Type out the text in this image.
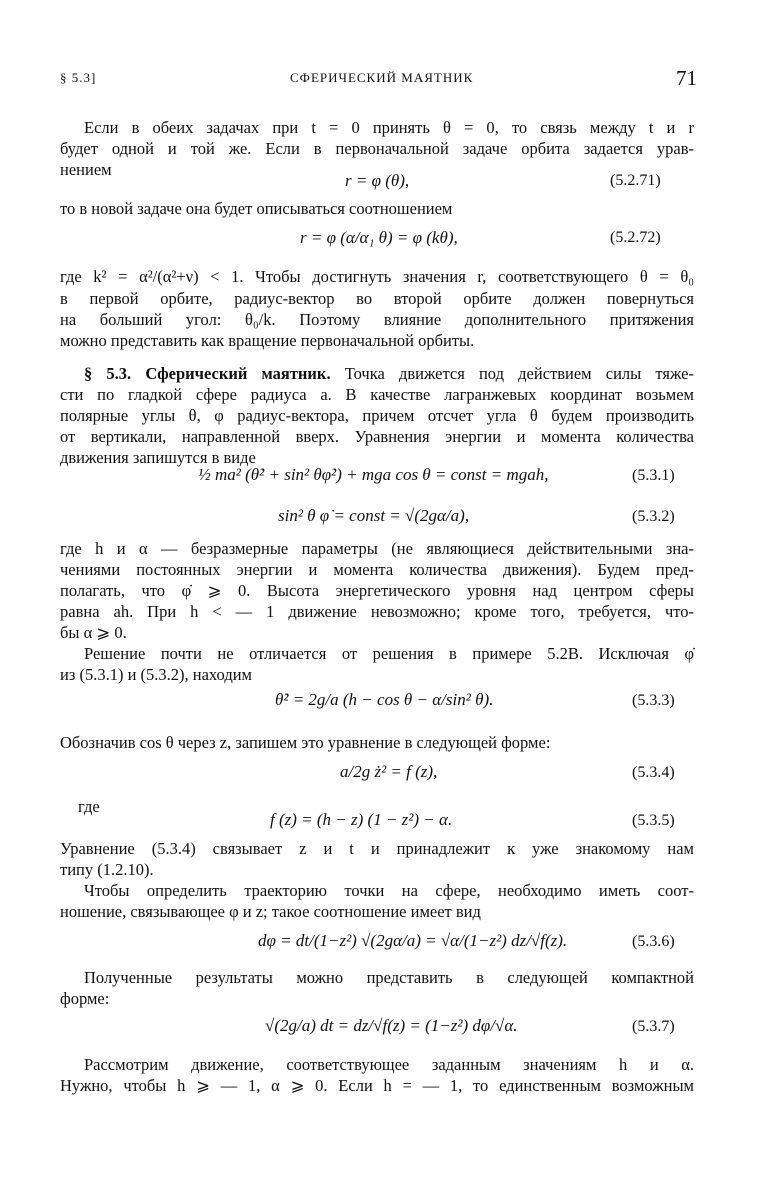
§ 5.3]	СФЕРИЧЕСКИЙ МАЯТНИК	71
Если в обеих задачах при t = 0 принять θ = 0, то связь между t и r
будет одной и той же. Если в первоначальной задаче орбита задается урав-
нением
r = φ (θ),	(5.2.71)
то в новой задаче она будет описываться соотношением
r = φ (α/α₁ θ) = φ (kθ),	(5.2.72)
где k² = α²/(α²+ν) < 1. Чтобы достигнуть значения r, соответствующего θ = θ₀
в первой орбите, радиус-вектор во второй орбите должен повернуться
на больший угол: θ₀/k. Поэтому влияние дополнительного притяжения
можно представить как вращение первоначальной орбиты.
§ 5.3. Сферический маятник. Точка движется под действием силы тяже-
сти по гладкой сфере радиуса a. В качестве лагранжевых координат возьмем
полярные углы θ, φ радиус-вектора, причем отсчет угла θ будем производить
от вертикали, направленной вверх. Уравнения энергии и момента количества
движения запишутся в виде
½ ma² (θ̇² + sin² θφ̇²) + mga cos θ = const = mgah,	(5.3.1)
sin² θ φ̇ = const = √(2gα/a),	(5.3.2)
где h и α — безразмерные параметры (не являющиеся действительными зна-
чениями постоянных энергии и момента количества движения). Будем пред-
полагать, что φ̇ ⩾ 0. Высота энергетического уровня над центром сферы
равна ah. При h < — 1 движение невозможно; кроме того, требуется, что-
бы α ⩾ 0.
Решение почти не отличается от решения в примере 5.2В. Исключая φ̇
из (5.3.1) и (5.3.2), находим
θ̇² = 2g/a (h − cos θ − α/sin² θ).	(5.3.3)
Обозначив cos θ через z, запишем это уравнение в следующей форме:
a/2g ż² = f (z),	(5.3.4)
где
f (z) = (h − z) (1 − z²) − α.	(5.3.5)
Уравнение (5.3.4) связывает z и t и принадлежит к уже знакомому нам
типу (1.2.10).
Чтобы определить траекторию точки на сфере, необходимо иметь соот-
ношение, связывающее φ и z; такое соотношение имеет вид
dφ = dt/(1−z²) √(2gα/a) = √α/(1−z²) dz/√f(z).	(5.3.6)
Полученные результаты можно представить в следующей компактной
форме:
√(2g/a) dt = dz/√f(z) = (1−z²) dφ/√α.	(5.3.7)
Рассмотрим движение, соответствующее заданным значениям h и α.
Нужно, чтобы h ⩾ — 1, α ⩾ 0. Если h = — 1, то единственным возможным
